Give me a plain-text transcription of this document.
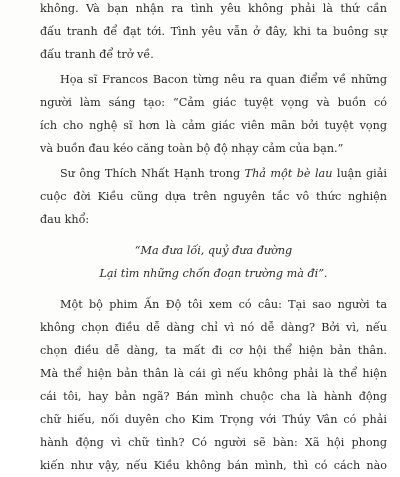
không. Và bạn nhận ra tình yêu không phải là thứ cần
đấu tranh để đạt tới. Tình yêu vẫn ở đây, khi ta buông sự
đấu tranh để trở về.
Họa sĩ Francos Bacon từng nêu ra quan điểm về những
người làm sáng tạo: “Cảm giác tuyệt vọng và buồn có
ích cho nghệ sĩ hơn là cảm giác viên mãn bởi tuyệt vọng
và buồn đau kéo căng toàn bộ độ nhạy cảm của bạn.”
Sư ông Thích Nhất Hạnh trong Thả một bè lau luận giải
cuộc đời Kiều cũng dựa trên nguyên tắc vô thức nghiện
đau khổ:
“Ma đưa lối, quỷ đưa đường
Lại tìm những chốn đoạn trường mà đi”.
Một bộ phim Ấn Độ tôi xem có câu: Tại sao người ta
không chọn điều dễ dàng chỉ vì nó dễ dàng? Bởi vì, nếu
chọn điều dễ dàng, ta mất đi cơ hội thể hiện bản thân.
Mà thể hiện bản thân là cái gì nếu không phải là thể hiện
cái tôi, hay bản ngã? Bán mình chuộc cha là hành động
chữ hiếu, nối duyên cho Kim Trọng với Thúy Vân có phải
hành động vì chữ tình? Có người sẽ bàn: Xã hội phong
kiến như vậy, nếu Kiều không bán mình, thì có cách nào
